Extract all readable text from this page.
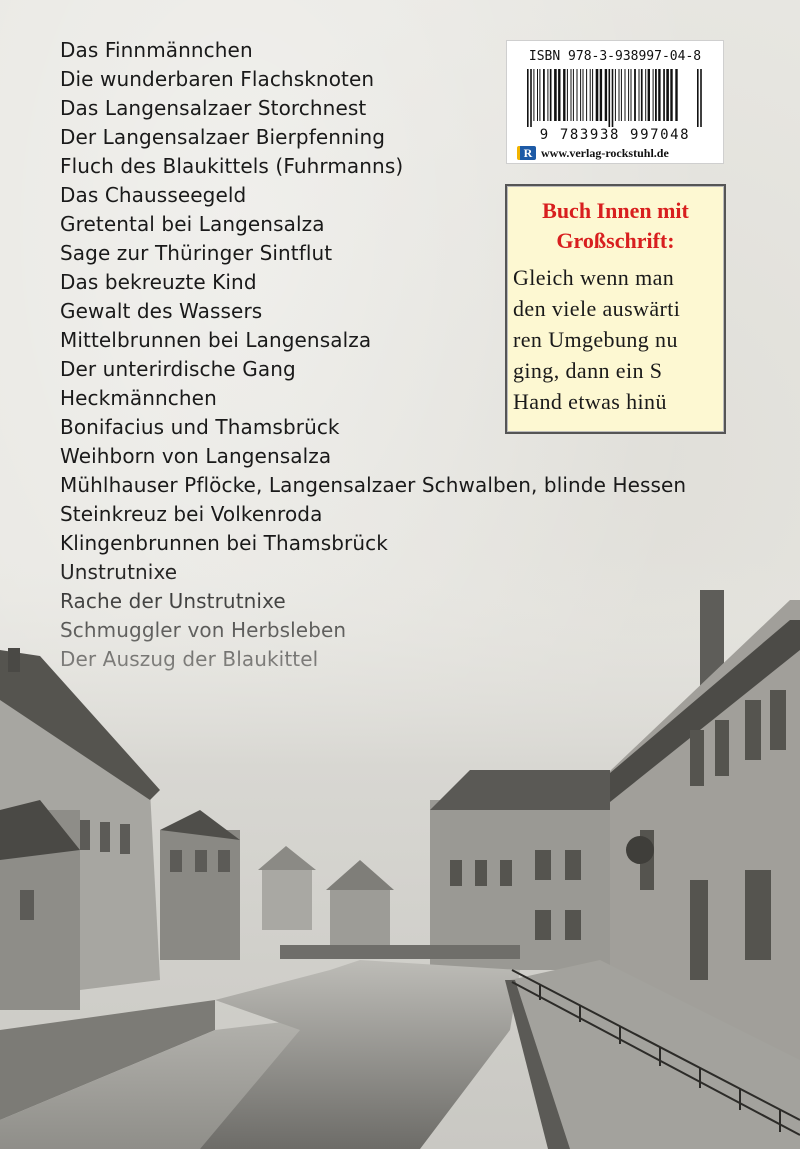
Das Finnmännchen
Die wunderbaren Flachsknoten
Das Langensalzaer Storchnest
Der Langensalzaer Bierpfenning
Fluch des Blaukittels (Fuhrmanns)
Das Chausseegeld
Gretental bei Langensalza
Sage zur Thüringer Sintflut
Das bekreuzte Kind
Gewalt des Wassers
Mittelbrunnen bei Langensalza
Der unterirdische Gang
Heckmännchen
Bonifacius und Thamsbrück
Weihborn von Langensalza
Mühlhauser Pflöcke, Langensalzaer Schwalben, blinde Hessen
Steinkreuz bei Volkenroda
Klingenbrunnen bei Thamsbrück
ISBN 978-3-938997-04-8
9 783938 997048
R www.verlag-rockstuhl.de
Buch Innen mit
Großschrift:
Gleich wenn man
den viele auswärti
ren Umgebung nu
ging, dann ein S
Hand etwas hinü
